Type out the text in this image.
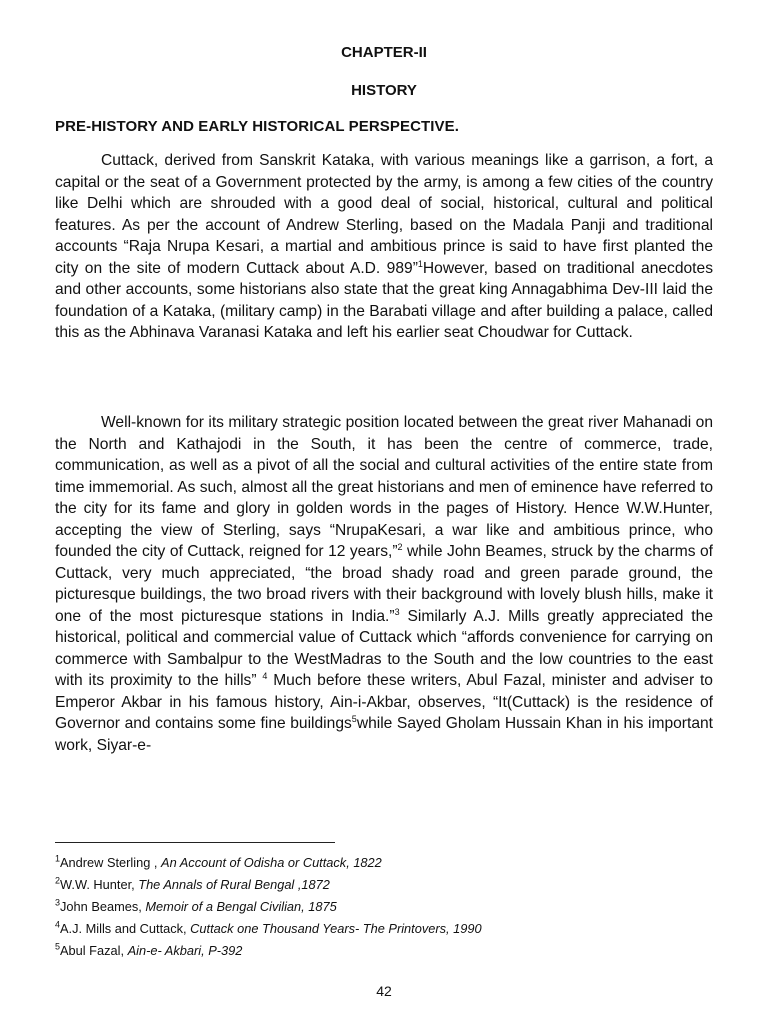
CHAPTER-II
HISTORY
PRE-HISTORY AND EARLY HISTORICAL PERSPECTIVE.

Cuttack, derived from Sanskrit Kataka, with various meanings like a garrison, a fort, a capital or the seat of a Government protected by the army, is among a few cities of the country like Delhi which are shrouded with a good deal of social, historical, cultural and political features. As per the account of Andrew Sterling, based on the Madala Panji and traditional accounts “Raja Nrupa Kesari, a martial and ambitious prince is said to have first planted the city on the site of modern Cuttack about A.D. 989”$^1$However, based on traditional anecdotes and other accounts, some historians also state that the great king Annagabhima Dev-III laid the foundation of a Kataka, (military camp) in the Barabati village and after building a palace, called this as the Abhinava Varanasi Kataka and left his earlier seat Choudwar for Cuttack.

Well-known for its military strategic position located between the great river Mahanadi on the North and Kathajodi in the South, it has been the centre of commerce, trade, communication, as well as a pivot of all the social and cultural activities of the entire state from time immemorial. As such, almost all the great historians and men of eminence have referred to the city for its fame and glory in golden words in the pages of History. Hence W.W.Hunter, accepting the view of Sterling, says “NrupaKesari, a war like and ambitious prince, who founded the city of Cuttack, reigned for 12 years,”$^2$ while John Beames, struck by the charms of Cuttack, very much appreciated, “the broad shady road and green parade ground, the picturesque buildings, the two broad rivers with their background with lovely blush hills, make it one of the most picturesque stations in India.”$^3$ Similarly A.J. Mills greatly appreciated the historical, political and commercial value of Cuttack which “affords convenience for carrying on commerce with Sambalpur to the WestMadras to the South and the low countries to the east with its proximity to the hills” $^4$ Much before these writers, Abul Fazal, minister and adviser to Emperor Akbar in his famous history, Ain-i-Akbar, observes, “It(Cuttack) is the residence of Governor and contains some fine buildings$^5$while Sayed Gholam Hussain Khan in his important work, Siyar-e-

$^1$Andrew Sterling , An Account of Odisha or Cuttack, 1822
$^2$W.W. Hunter, The Annals of Rural Bengal ,1872
$^3$John Beames, Memoir of a Bengal Civilian, 1875
$^4$A.J. Mills and Cuttack, Cuttack one Thousand Years- The Printovers, 1990
$^5$Abul Fazal, Ain-e- Akbari, P-392
42
